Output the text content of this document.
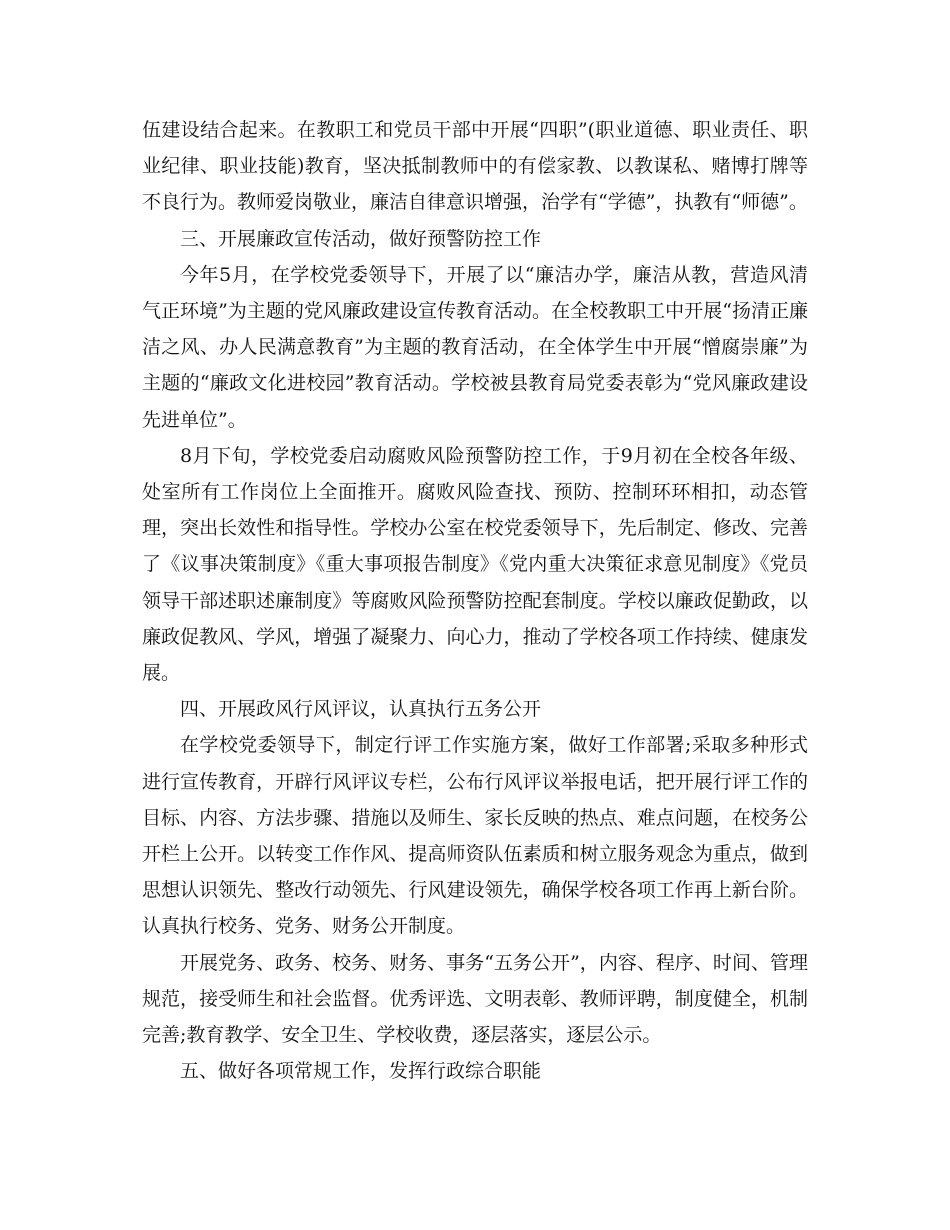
伍建设结合起来。在教职工和党员干部中开展“四职”(职业道德、职业责任、职业纪律、职业技能)教育，坚决抵制教师中的有偿家教、以教谋私、赌博打牌等不良行为。教师爱岗敬业，廉洁自律意识增强，治学有“学德”，执教有“师德”。

三、开展廉政宣传活动，做好预警防控工作

今年5月，在学校党委领导下，开展了以“廉洁办学，廉洁从教，营造风清气正环境”为主题的党风廉政建设宣传教育活动。在全校教职工中开展“扬清正廉洁之风、办人民满意教育”为主题的教育活动，在全体学生中开展“憎腐崇廉”为主题的“廉政文化进校园”教育活动。学校被县教育局党委表彰为“党风廉政建设先进单位”。

8月下旬，学校党委启动腐败风险预警防控工作，于9月初在全校各年级、处室所有工作岗位上全面推开。腐败风险查找、预防、控制环环相扣，动态管理，突出长效性和指导性。学校办公室在校党委领导下，先后制定、修改、完善了《议事决策制度》《重大事项报告制度》《党内重大决策征求意见制度》《党员领导干部述职述廉制度》等腐败风险预警防控配套制度。学校以廉政促勤政，以廉政促教风、学风，增强了凝聚力、向心力，推动了学校各项工作持续、健康发展。

四、开展政风行风评议，认真执行五务公开

在学校党委领导下，制定行评工作实施方案，做好工作部署;采取多种形式进行宣传教育，开辟行风评议专栏，公布行风评议举报电话，把开展行评工作的目标、内容、方法步骤、措施以及师生、家长反映的热点、难点问题，在校务公开栏上公开。以转变工作作风、提高师资队伍素质和树立服务观念为重点，做到思想认识领先、整改行动领先、行风建设领先，确保学校各项工作再上新台阶。认真执行校务、党务、财务公开制度。

开展党务、政务、校务、财务、事务“五务公开”，内容、程序、时间、管理规范，接受师生和社会监督。优秀评选、文明表彰、教师评聘，制度健全，机制完善;教育教学、安全卫生、学校收费，逐层落实，逐层公示。

五、做好各项常规工作，发挥行政综合职能
